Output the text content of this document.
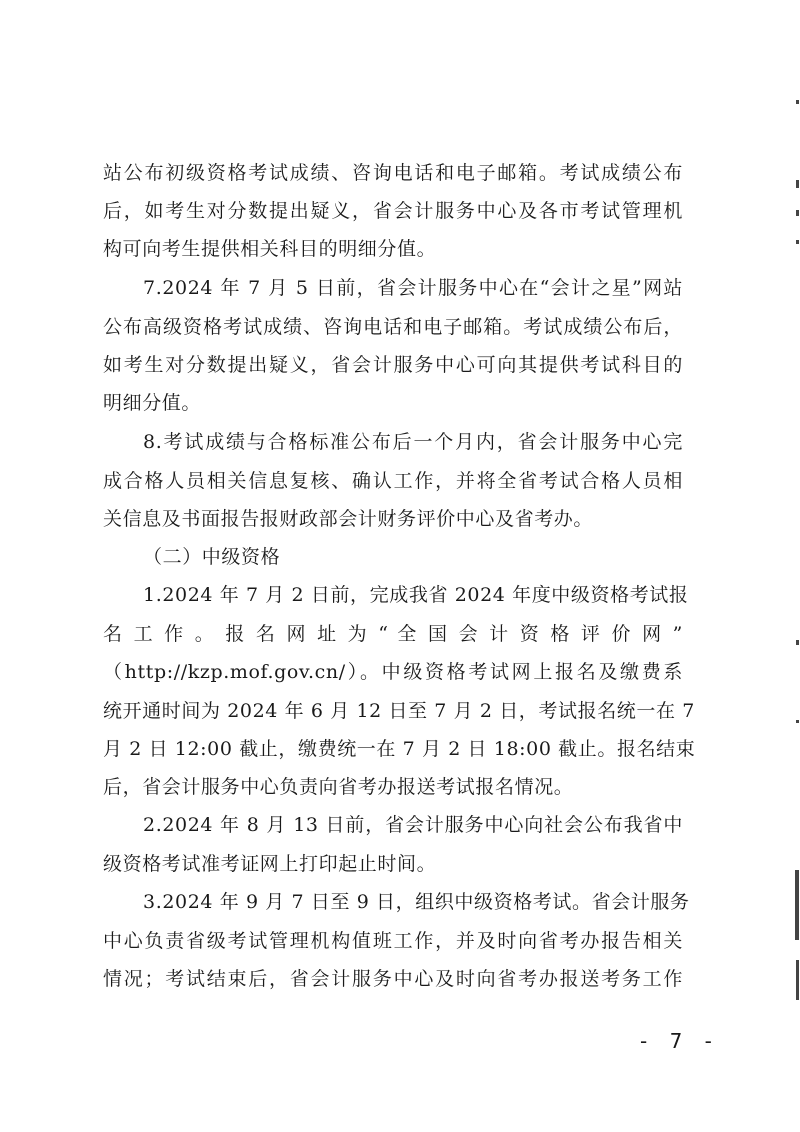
站公布初级资格考试成绩、咨询电话和电子邮箱。考试成绩公布
后，如考生对分数提出疑义，省会计服务中心及各市考试管理机
构可向考生提供相关科目的明细分值。
7.2024 年 7 月 5 日前，省会计服务中心在“会计之星”网站
公布高级资格考试成绩、咨询电话和电子邮箱。考试成绩公布后，
如考生对分数提出疑义，省会计服务中心可向其提供考试科目的
明细分值。
8.考试成绩与合格标准公布后一个月内，省会计服务中心完
成合格人员相关信息复核、确认工作，并将全省考试合格人员相
关信息及书面报告报财政部会计财务评价中心及省考办。
（二）中级资格
1.2024 年 7 月 2 日前，完成我省 2024 年度中级资格考试报
名 工 作 。 报 名 网 址 为 “ 全 国 会 计 资 格 评 价 网 ”
（http://kzp.mof.gov.cn/）。中级资格考试网上报名及缴费系
统开通时间为 2024 年 6 月 12 日至 7 月 2 日，考试报名统一在 7
月 2 日 12:00 截止，缴费统一在 7 月 2 日 18:00 截止。报名结束
后，省会计服务中心负责向省考办报送考试报名情况。
2.2024 年 8 月 13 日前，省会计服务中心向社会公布我省中
级资格考试准考证网上打印起止时间。
3.2024 年 9 月 7 日至 9 日，组织中级资格考试。省会计服务
中心负责省级考试管理机构值班工作，并及时向省考办报告相关
情况；考试结束后，省会计服务中心及时向省考办报送考务工作
- 7 -
